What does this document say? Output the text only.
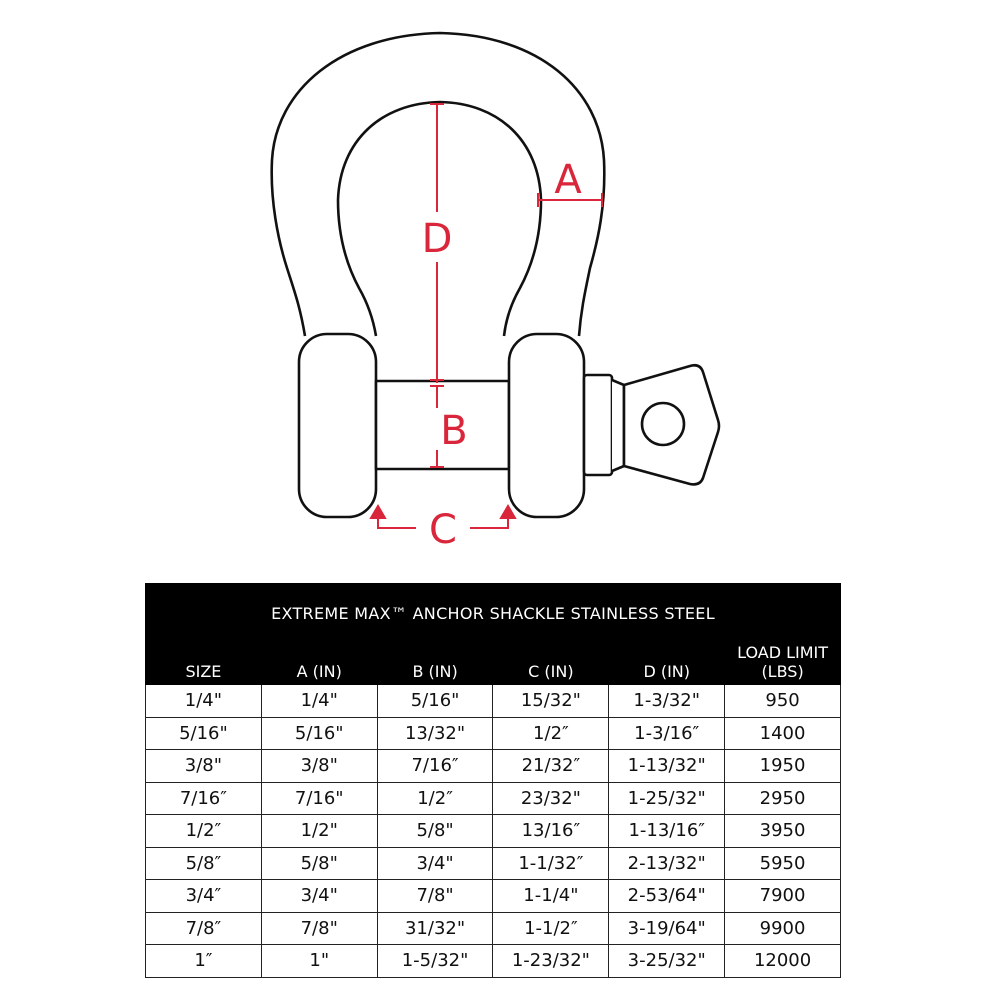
D
B
A
C
EXTREME MAX™ ANCHOR SHACKLE STAINLESS STEEL					
SIZE	A (IN)	B (IN)	C (IN)	D (IN)	LOAD LIMIT (LBS)
1/4"	1/4"	5/16"	15/32"	1-3/32"	950
5/16"	5/16"	13/32"	1/2″	1-3/16″	1400
3/8"	3/8"	7/16″	21/32″	1-13/32"	1950
7/16″	7/16"	1/2″	23/32"	1-25/32"	2950
1/2″	1/2"	5/8"	13/16″	1-13/16″	3950
5/8″	5/8"	3/4"	1-1/32″	2-13/32"	5950
3/4″	3/4"	7/8"	1-1/4"	2-53/64"	7900
7/8″	7/8"	31/32"	1-1/2″	3-19/64"	9900
1″	1"	1-5/32"	1-23/32"	3-25/32"	12000
